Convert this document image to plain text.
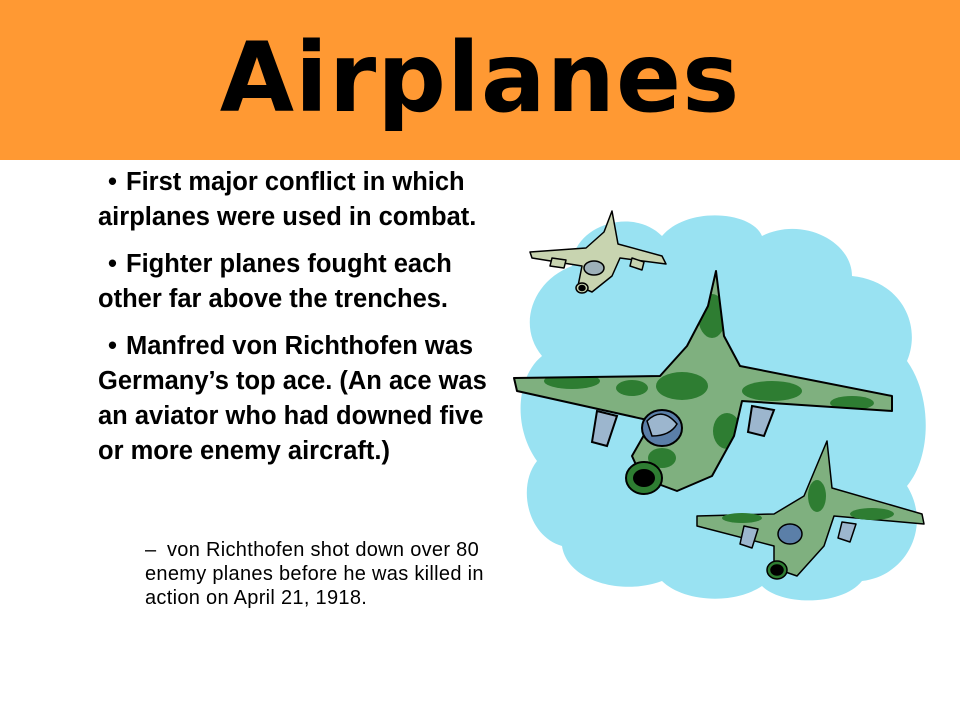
Airplanes
• First major conflict in which airplanes were used in combat.
• Fighter planes fought each other far above the trenches.
• Manfred von Richthofen was Germany’s top ace. (An ace was an aviator who had downed five or more enemy aircraft.)
– von Richthofen shot down over 80 enemy planes before he was killed in action on April 21, 1918.
